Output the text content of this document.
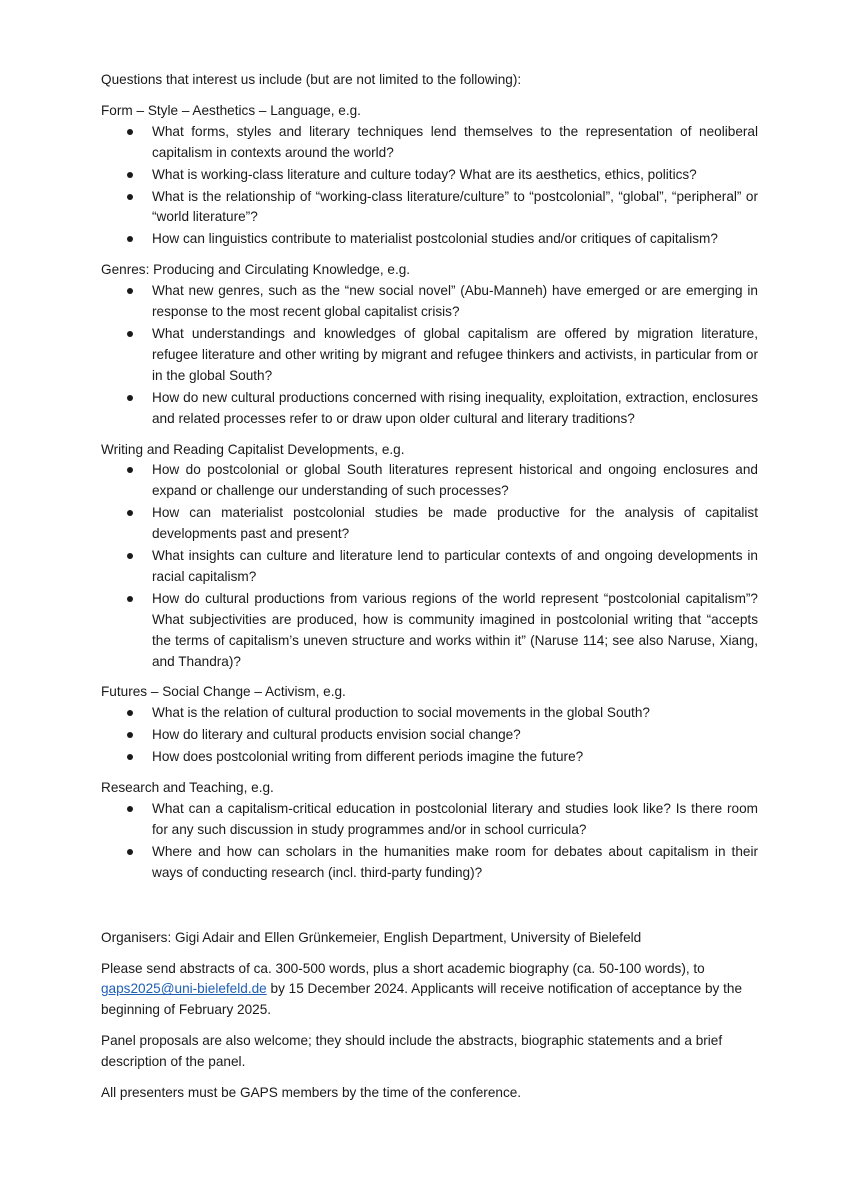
Questions that interest us include (but are not limited to the following):

Form – Style – Aesthetics – Language, e.g.

What forms, styles and literary techniques lend themselves to the representation of neoliberal capitalism in contexts around the world?
What is working-class literature and culture today? What are its aesthetics, ethics, politics?
What is the relationship of “working-class literature/culture” to “postcolonial”, “global”, “peripheral” or “world literature”?
How can linguistics contribute to materialist postcolonial studies and/or critiques of capitalism?

Genres: Producing and Circulating Knowledge, e.g.

What new genres, such as the “new social novel” (Abu-Manneh) have emerged or are emerging in response to the most recent global capitalist crisis?
What understandings and knowledges of global capitalism are offered by migration literature, refugee literature and other writing by migrant and refugee thinkers and activists, in particular from or in the global South?
How do new cultural productions concerned with rising inequality, exploitation, extraction, enclosures and related processes refer to or draw upon older cultural and literary traditions?

Writing and Reading Capitalist Developments, e.g.

How do postcolonial or global South literatures represent historical and ongoing enclosures and expand or challenge our understanding of such processes?
How can materialist postcolonial studies be made productive for the analysis of capitalist developments past and present?
What insights can culture and literature lend to particular contexts of and ongoing developments in racial capitalism?
How do cultural productions from various regions of the world represent “postcolonial capitalism”? What subjectivities are produced, how is community imagined in postcolonial writing that “accepts the terms of capitalism’s uneven structure and works within it” (Naruse 114; see also Naruse, Xiang, and Thandra)?

Futures – Social Change – Activism, e.g.

What is the relation of cultural production to social movements in the global South?
How do literary and cultural products envision social change?
How does postcolonial writing from different periods imagine the future?

Research and Teaching, e.g.

What can a capitalism-critical education in postcolonial literary and studies look like? Is there room for any such discussion in study programmes and/or in school curricula?
Where and how can scholars in the humanities make room for debates about capitalism in their ways of conducting research (incl. third-party funding)?

Organisers: Gigi Adair and Ellen Grünkemeier, English Department, University of Bielefeld

Please send abstracts of ca. 300-500 words, plus a short academic biography (ca. 50-100 words), to gaps2025@uni-bielefeld.de by 15 December 2024. Applicants will receive notification of acceptance by the beginning of February 2025.

Panel proposals are also welcome; they should include the abstracts, biographic statements and a brief description of the panel.

All presenters must be GAPS members by the time of the conference.
